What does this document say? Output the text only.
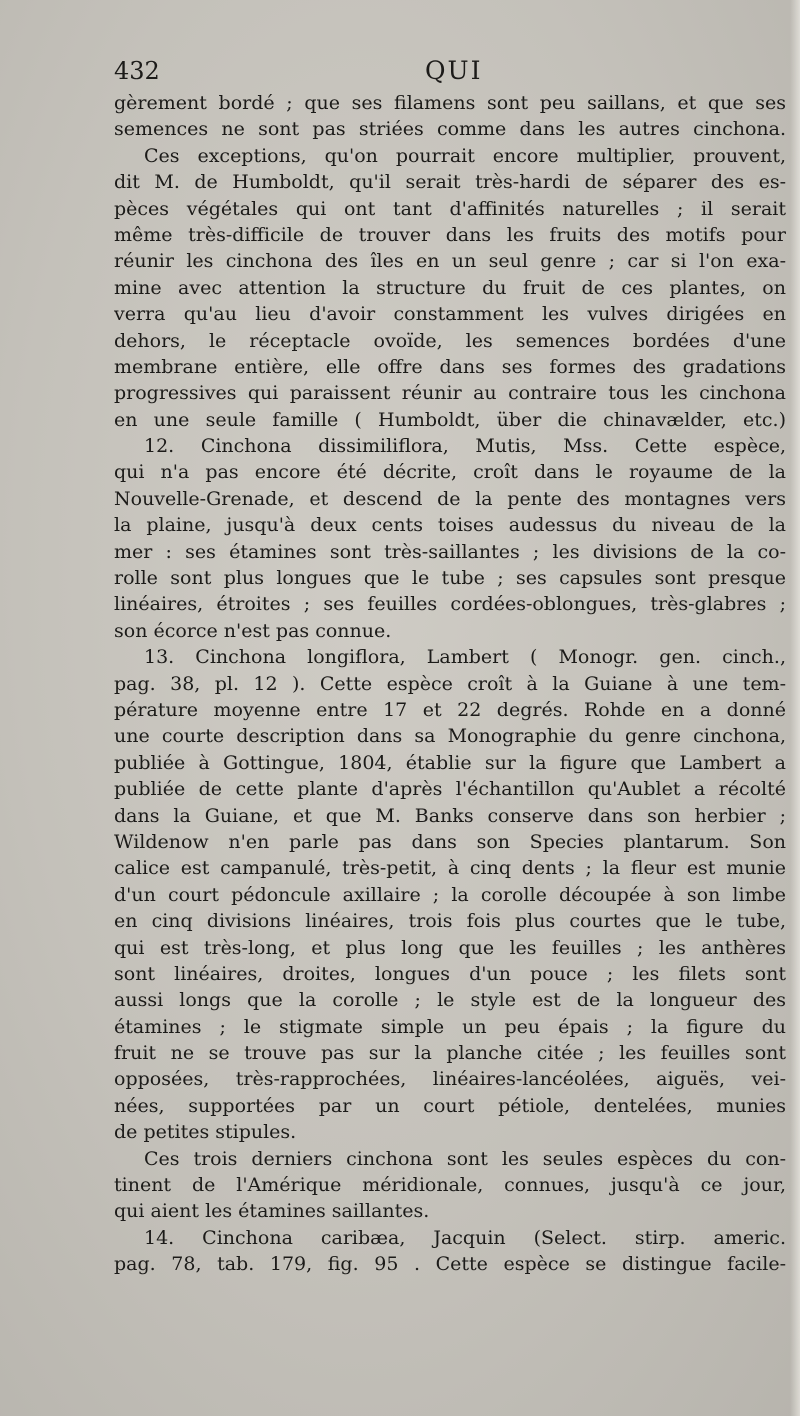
432	QUI
gèrement bordé ; que ses filamens sont peu saillans, et que ses
semences ne sont pas striées comme dans les autres cinchona.
Ces exceptions, qu'on pourrait encore multiplier, prouvent,
dit M. de Humboldt, qu'il serait très-hardi de séparer des es-
pèces végétales qui ont tant d'affinités naturelles ; il serait
même très-difficile de trouver dans les fruits des motifs pour
réunir les cinchona des îles en un seul genre ; car si l'on exa-
mine avec attention la structure du fruit de ces plantes, on
verra qu'au lieu d'avoir constamment les vulves dirigées en
dehors, le réceptacle ovoïde, les semences bordées d'une
membrane entière, elle offre dans ses formes des gradations
progressives qui paraissent réunir au contraire tous les cinchona
en une seule famille ( Humboldt, über die chinavælder, etc.)
12. Cinchona dissimiliflora, Mutis, Mss. Cette espèce,
qui n'a pas encore été décrite, croît dans le royaume de la
Nouvelle-Grenade, et descend de la pente des montagnes vers
la plaine, jusqu'à deux cents toises audessus du niveau de la
mer : ses étamines sont très-saillantes ; les divisions de la co-
rolle sont plus longues que le tube ; ses capsules sont presque
linéaires, étroites ; ses feuilles cordées-oblongues, très-glabres ;
son écorce n'est pas connue.
13. Cinchona longiflora, Lambert ( Monogr. gen. cinch.,
pag. 38, pl. 12 ). Cette espèce croît à la Guiane à une tem-
pérature moyenne entre 17 et 22 degrés. Rohde en a donné
une courte description dans sa Monographie du genre cinchona,
publiée à Gottingue, 1804, établie sur la figure que Lambert a
publiée de cette plante d'après l'échantillon qu'Aublet a récolté
dans la Guiane, et que M. Banks conserve dans son herbier ;
Wildenow n'en parle pas dans son Species plantarum. Son
calice est campanulé, très-petit, à cinq dents ; la fleur est munie
d'un court pédoncule axillaire ; la corolle découpée à son limbe
en cinq divisions linéaires, trois fois plus courtes que le tube,
qui est très-long, et plus long que les feuilles ; les anthères
sont linéaires, droites, longues d'un pouce ; les filets sont
aussi longs que la corolle ; le style est de la longueur des
étamines ; le stigmate simple un peu épais ; la figure du
fruit ne se trouve pas sur la planche citée ; les feuilles sont
opposées, très-rapprochées, linéaires-lancéolées, aiguës, vei-
nées, supportées par un court pétiole, dentelées, munies
de petites stipules.
Ces trois derniers cinchona sont les seules espèces du con-
tinent de l'Amérique méridionale, connues, jusqu'à ce jour,
qui aient les étamines saillantes.
14. Cinchona caribæa, Jacquin (Select. stirp. americ.
pag. 78, tab. 179, fig. 95 . Cette espèce se distingue facile-
